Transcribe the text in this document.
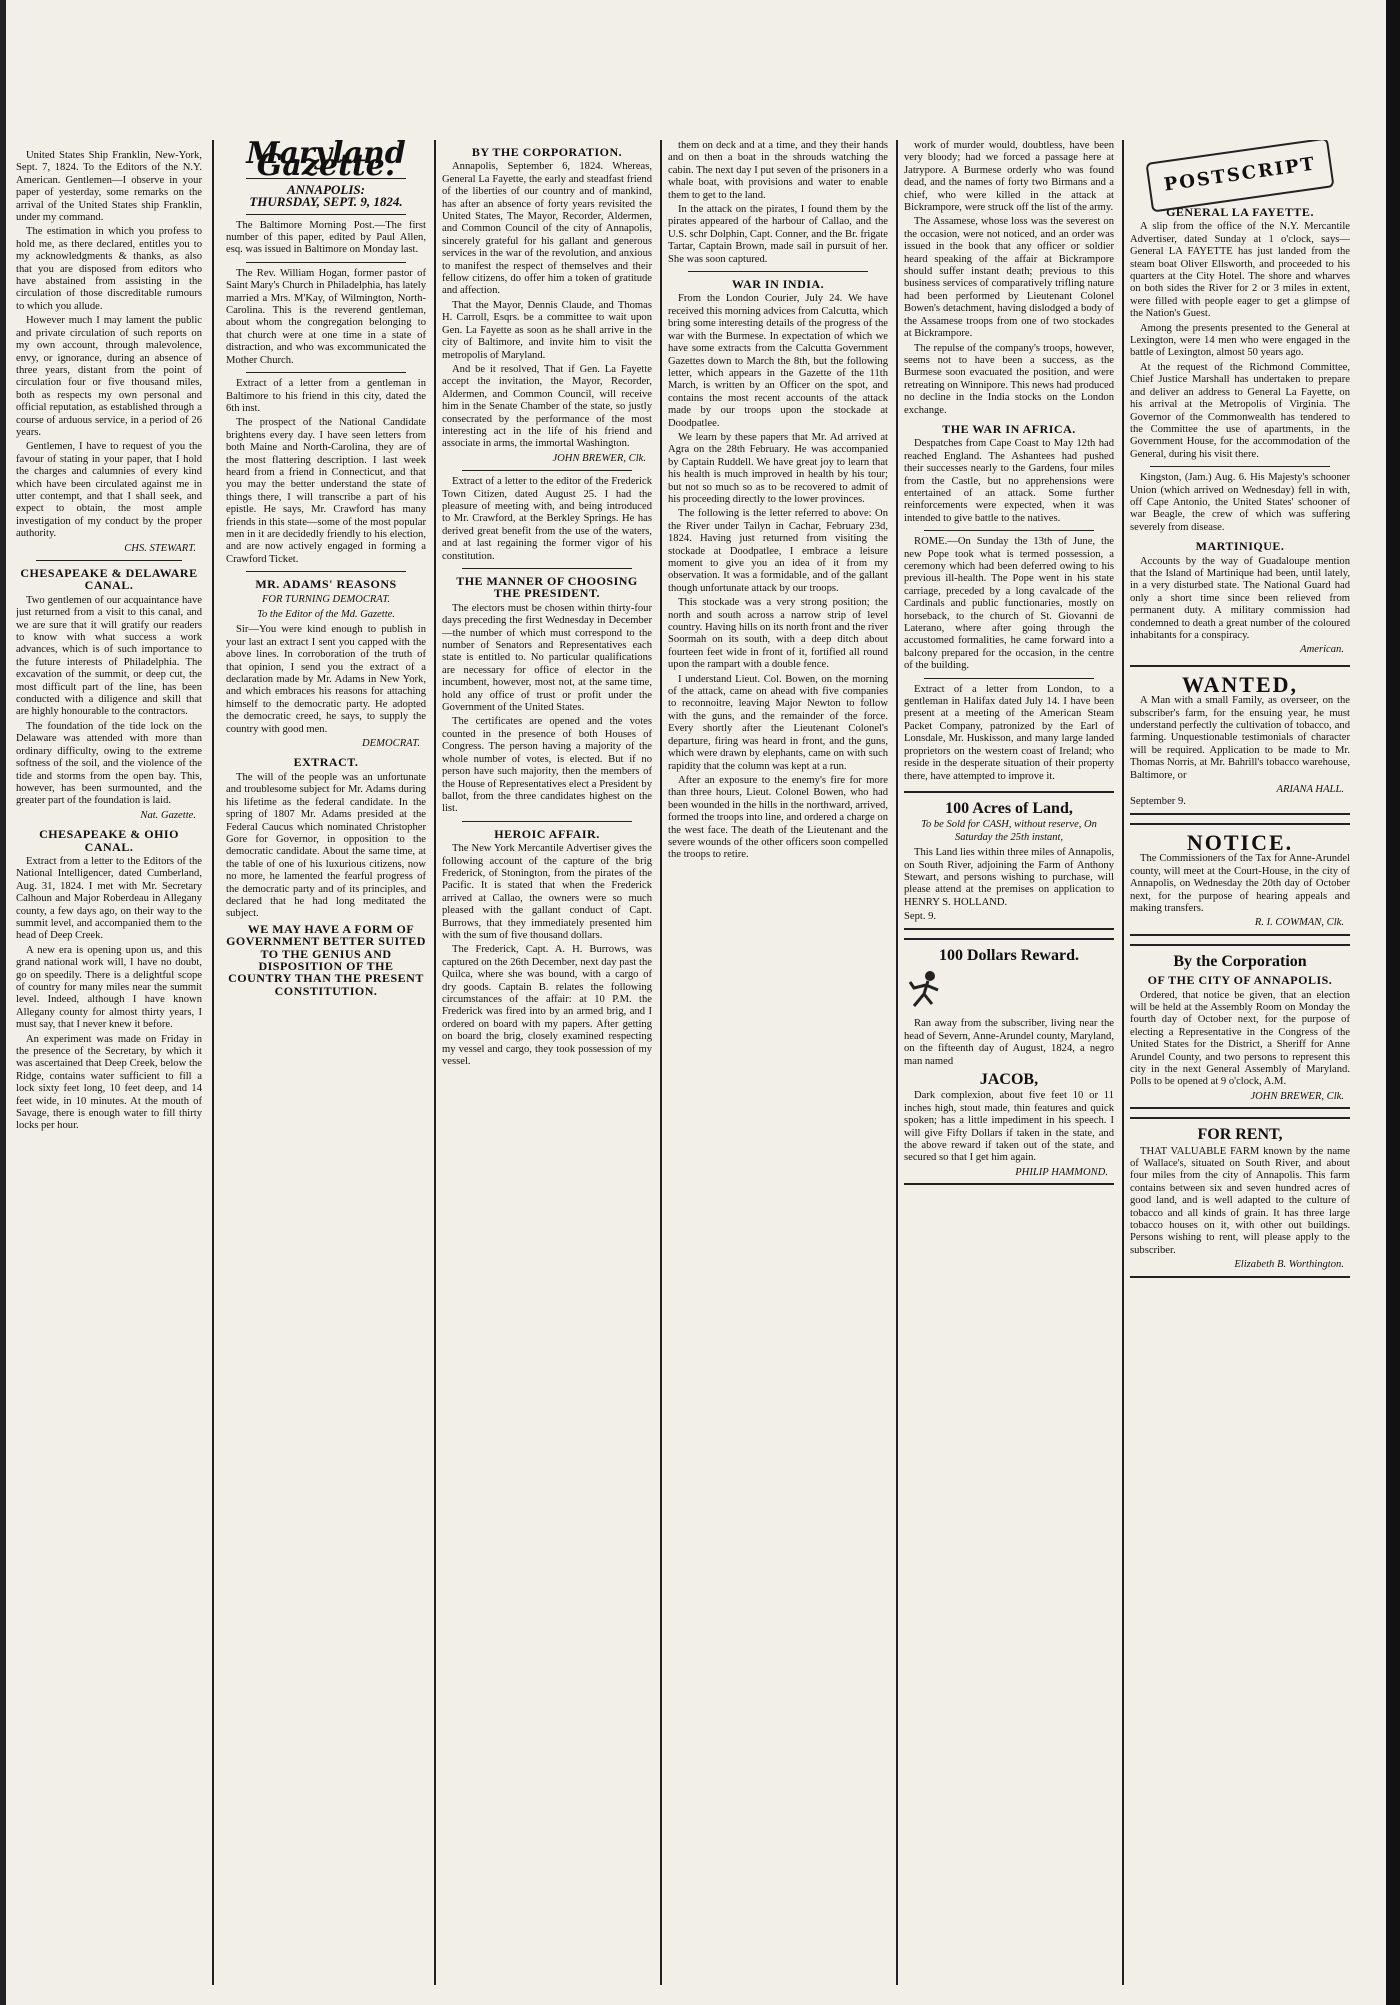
United States Ship Franklin, New-York, Sept. 7, 1824. To the Editors of the N.Y. American. Gentlemen—I observe in your paper of yesterday, some remarks on the arrival of the United States ship Franklin, under my command.

The estimation in which you profess to hold me, as there declared, entitles you to my acknowledgments & thanks, as also that you are disposed from editors who have abstained from assisting in the circulation of those discreditable rumours to which you allude.

However much I may lament the public and private circulation of such reports on my own account, through malevolence, envy, or ignorance, during an absence of three years, distant from the point of circulation four or five thousand miles, both as respects my own personal and official reputation, as established through a course of arduous service, in a period of 26 years.

Gentlemen, I have to request of you the favour of stating in your paper, that I hold the charges and calumnies of every kind which have been circulated against me in utter contempt, and that I shall seek, and expect to obtain, the most ample investigation of my conduct by the proper authority.

CHS. STEWART.
CHESAPEAKE & DELAWARE CANAL.

Two gentlemen of our acquaintance have just returned from a visit to this canal, and we are sure that it will gratify our readers to know with what success a work advances, which is of such importance to the future interests of Philadelphia. The excavation of the summit, or deep cut, the most difficult part of the line, has been conducted with a diligence and skill that are highly honourable to the contractors.

The foundation of the tide lock on the Delaware was attended with more than ordinary difficulty, owing to the extreme softness of the soil, and the violence of the tide and storms from the open bay. This, however, has been surmounted, and the greater part of the foundation is laid.

Nat. Gazette.
CHESAPEAKE & OHIO CANAL.

Extract from a letter to the Editors of the National Intelligencer, dated Cumberland, Aug. 31, 1824. I met with Mr. Secretary Calhoun and Major Roberdeau in Allegany county, a few days ago, on their way to the summit level, and accompanied them to the head of Deep Creek.

A new era is opening upon us, and this grand national work will, I have no doubt, go on speedily. There is a delightful scope of country for many miles near the summit level. Indeed, although I have known Allegany county for almost thirty years, I must say, that I never knew it before.

An experiment was made on Friday in the presence of the Secretary, by which it was ascertained that Deep Creek, below the Ridge, contains water sufficient to fill a lock sixty feet long, 10 feet deep, and 14 feet wide, in 10 minutes. At the mouth of Savage, there is enough water to fill thirty locks per hour.

Maryland Gazette.
ANNAPOLIS:
THURSDAY, SEPT. 9, 1824.

The Baltimore Morning Post.—The first number of this paper, edited by Paul Allen, esq. was issued in Baltimore on Monday last.

The Rev. William Hogan, former pastor of Saint Mary's Church in Philadelphia, has lately married a Mrs. M'Kay, of Wilmington, North-Carolina. This is the reverend gentleman, about whom the congregation belonging to that church were at one time in a state of distraction, and who was excommunicated the Mother Church.

Extract of a letter from a gentleman in Baltimore to his friend in this city, dated the 6th inst.

The prospect of the National Candidate brightens every day. I have seen letters from both Maine and North-Carolina, they are of the most flattering description. I last week heard from a friend in Connecticut, and that you may the better understand the state of things there, I will transcribe a part of his epistle. He says, Mr. Crawford has many friends in this state—some of the most popular men in it are decidedly friendly to his election, and are now actively engaged in forming a Crawford Ticket.

MR. ADAMS' REASONS
FOR TURNING DEMOCRAT.
To the Editor of the Md. Gazette.

Sir—You were kind enough to publish in your last an extract I sent you capped with the above lines. In corroboration of the truth of that opinion, I send you the extract of a declaration made by Mr. Adams in New York, and which embraces his reasons for attaching himself to the democratic party. He adopted the democratic creed, he says, to supply the country with good men.

DEMOCRAT.
EXTRACT.

The will of the people was an unfortunate and troublesome subject for Mr. Adams during his lifetime as the federal candidate. In the spring of 1807 Mr. Adams presided at the Federal Caucus which nominated Christopher Gore for Governor, in opposition to the democratic candidate. About the same time, at the table of one of his luxurious citizens, now no more, he lamented the fearful progress of the democratic party and of its principles, and declared that he had long meditated the subject.

WE MAY HAVE A FORM OF GOVERNMENT BETTER SUITED TO THE GENIUS AND DISPOSITION OF THE COUNTRY THAN THE PRESENT CONSTITUTION.

BY THE CORPORATION.

Annapolis, September 6, 1824. Whereas, General La Fayette, the early and steadfast friend of the liberties of our country and of mankind, has after an absence of forty years revisited the United States, The Mayor, Recorder, Aldermen, and Common Council of the city of Annapolis, sincerely grateful for his gallant and generous services in the war of the revolution, and anxious to manifest the respect of themselves and their fellow citizens, do offer him a token of gratitude and affection.

That the Mayor, Dennis Claude, and Thomas H. Carroll, Esqrs. be a committee to wait upon Gen. La Fayette as soon as he shall arrive in the city of Baltimore, and invite him to visit the metropolis of Maryland.

And be it resolved, That if Gen. La Fayette accept the invitation, the Mayor, Recorder, Aldermen, and Common Council, will receive him in the Senate Chamber of the state, so justly consecrated by the performance of the most interesting act in the life of his friend and associate in arms, the immortal Washington.

JOHN BREWER, Clk.

Extract of a letter to the editor of the Frederick Town Citizen, dated August 25. I had the pleasure of meeting with, and being introduced to Mr. Crawford, at the Berkley Springs. He has derived great benefit from the use of the waters, and at last regaining the former vigor of his constitution.

THE MANNER OF CHOOSING THE PRESIDENT.

The electors must be chosen within thirty-four days preceding the first Wednesday in December—the number of which must correspond to the number of Senators and Representatives each state is entitled to. No particular qualifications are necessary for office of elector in the incumbent, however, most not, at the same time, hold any office of trust or profit under the Government of the United States.

The certificates are opened and the votes counted in the presence of both Houses of Congress. The person having a majority of the whole number of votes, is elected. But if no person have such majority, then the members of the House of Representatives elect a President by ballot, from the three candidates highest on the list.

HEROIC AFFAIR.

The New York Mercantile Advertiser gives the following account of the capture of the brig Frederick, of Stonington, from the pirates of the Pacific. It is stated that when the Frederick arrived at Callao, the owners were so much pleased with the gallant conduct of Capt. Burrows, that they immediately presented him with the sum of five thousand dollars.

The Frederick, Capt. A. H. Burrows, was captured on the 26th December, next day past the Quilca, where she was bound, with a cargo of dry goods. Captain B. relates the following circumstances of the affair: at 10 P.M. the Frederick was fired into by an armed brig, and I ordered on board with my papers. After getting on board the brig, closely examined respecting my vessel and cargo, they took possession of my vessel.

them on deck and at a time, and they their hands and on then a boat in the shrouds watching the cabin. The next day I put seven of the prisoners in a whale boat, with provisions and water to enable them to get to the land.

In the attack on the pirates, I found them by the pirates appeared of the harbour of Callao, and the U.S. schr Dolphin, Capt. Conner, and the Br. frigate Tartar, Captain Brown, made sail in pursuit of her. She was soon captured.

WAR IN INDIA.

From the London Courier, July 24. We have received this morning advices from Calcutta, which bring some interesting details of the progress of the war with the Burmese. In expectation of which we have some extracts from the Calcutta Government Gazettes down to March the 8th, but the following letter, which appears in the Gazette of the 11th March, is written by an Officer on the spot, and contains the most recent accounts of the attack made by our troops upon the stockade at Doodpatlee.

We learn by these papers that Mr. Ad arrived at Agra on the 28th February. He was accompanied by Captain Ruddell. We have great joy to learn that his health is much improved in health by his tour; but not so much so as to be recovered to admit of his proceeding directly to the lower provinces.

The following is the letter referred to above: On the River under Tailyn in Cachar, February 23d, 1824. Having just returned from visiting the stockade at Doodpatlee, I embrace a leisure moment to give you an idea of it from my observation. It was a formidable, and of the gallant though unfortunate attack by our troops.

This stockade was a very strong position; the north and south across a narrow strip of level country. Having hills on its north front and the river Soormah on its south, with a deep ditch about fourteen feet wide in front of it, fortified all round upon the rampart with a double fence.

I understand Lieut. Col. Bowen, on the morning of the attack, came on ahead with five companies to reconnoitre, leaving Major Newton to follow with the guns, and the remainder of the force. Every shortly after the Lieutenant Colonel's departure, firing was heard in front, and the guns, which were drawn by elephants, came on with such rapidity that the column was kept at a run.

After an exposure to the enemy's fire for more than three hours, Lieut. Colonel Bowen, who had been wounded in the hills in the northward, arrived, formed the troops into line, and ordered a charge on the west face. The death of the Lieutenant and the severe wounds of the other officers soon compelled the troops to retire.

work of murder would, doubtless, have been very bloody; had we forced a passage here at Jatrypore. A Burmese orderly who was found dead, and the names of forty two Birmans and a chief, who were killed in the attack at Bickrampore, were struck off the list of the army.

The Assamese, whose loss was the severest on the occasion, were not noticed, and an order was issued in the book that any officer or soldier heard speaking of the affair at Bickrampore should suffer instant death; previous to this business services of comparatively trifling nature had been performed by Lieutenant Colonel Bowen's detachment, having dislodged a body of the Assamese troops from one of two stockades at Bickrampore.

The repulse of the company's troops, however, seems not to have been a success, as the Burmese soon evacuated the position, and were retreating on Winnipore. This news had produced no decline in the India stocks on the London exchange.

THE WAR IN AFRICA.

Despatches from Cape Coast to May 12th had reached England. The Ashantees had pushed their successes nearly to the Gardens, four miles from the Castle, but no apprehensions were entertained of an attack. Some further reinforcements were expected, when it was intended to give battle to the natives.

ROME.—On Sunday the 13th of June, the new Pope took what is termed possession, a ceremony which had been deferred owing to his previous ill-health. The Pope went in his state carriage, preceded by a long cavalcade of the Cardinals and public functionaries, mostly on horseback, to the church of St. Giovanni de Laterano, where after going through the accustomed formalities, he came forward into a balcony prepared for the occasion, in the centre of the building.

Extract of a letter from London, to a gentleman in Halifax dated July 14. I have been present at a meeting of the American Steam Packet Company, patronized by the Earl of Lonsdale, Mr. Huskisson, and many large landed proprietors on the western coast of Ireland; who reside in the desperate situation of their property there, have attempted to improve it.

100 Acres of Land,
To be Sold for CASH, without reserve, On Saturday the 25th instant,

This Land lies within three miles of Annapolis, on South River, adjoining the Farm of Anthony Stewart, and persons wishing to purchase, will please attend at the premises on application to HENRY S. HOLLAND.

Sept. 9.
100 Dollars Reward.

Ran away from the subscriber, living near the head of Severn, Anne-Arundel county, Maryland, on the fifteenth day of August, 1824, a negro man named

JACOB,

Dark complexion, about five feet 10 or 11 inches high, stout made, thin features and quick spoken; has a little impediment in his speech. I will give Fifty Dollars if taken in the state, and the above reward if taken out of the state, and secured so that I get him again.

PHILIP HAMMOND.
POSTSCRIPT
GENERAL LA FAYETTE.

A slip from the office of the N.Y. Mercantile Advertiser, dated Sunday at 1 o'clock, says—General LA FAYETTE has just landed from the steam boat Oliver Ellsworth, and proceeded to his quarters at the City Hotel. The shore and wharves on both sides the River for 2 or 3 miles in extent, were filled with people eager to get a glimpse of the Nation's Guest.

Among the presents presented to the General at Lexington, were 14 men who were engaged in the battle of Lexington, almost 50 years ago.

At the request of the Richmond Committee, Chief Justice Marshall has undertaken to prepare and deliver an address to General La Fayette, on his arrival at the Metropolis of Virginia. The Governor of the Commonwealth has tendered to the Committee the use of apartments, in the Government House, for the accommodation of the General, during his visit there.

Kingston, (Jam.) Aug. 6. His Majesty's schooner Union (which arrived on Wednesday) fell in with, off Cape Antonio, the United States' schooner of war Beagle, the crew of which was suffering severely from disease.

MARTINIQUE.

Accounts by the way of Guadaloupe mention that the Island of Martinique had been, until lately, in a very disturbed state. The National Guard had only a short time since been relieved from permanent duty. A military commission had condemned to death a great number of the coloured inhabitants for a conspiracy.

American.
WANTED,

A Man with a small Family, as overseer, on the subscriber's farm, for the ensuing year, he must understand perfectly the cultivation of tobacco, and farming. Unquestionable testimonials of character will be required. Application to be made to Mr. Thomas Norris, at Mr. Bahrill's tobacco warehouse, Baltimore, or

ARIANA HALL.
September 9.
NOTICE.

The Commissioners of the Tax for Anne-Arundel county, will meet at the Court-House, in the city of Annapolis, on Wednesday the 20th day of October next, for the purpose of hearing appeals and making transfers.

R. I. COWMAN, Clk.
By the Corporation
OF THE CITY OF ANNAPOLIS.

Ordered, that notice be given, that an election will be held at the Assembly Room on Monday the fourth day of October next, for the purpose of electing a Representative in the Congress of the United States for the District, a Sheriff for Anne Arundel County, and two persons to represent this city in the next General Assembly of Maryland. Polls to be opened at 9 o'clock, A.M.

JOHN BREWER, Clk.
FOR RENT,

THAT VALUABLE FARM known by the name of Wallace's, situated on South River, and about four miles from the city of Annapolis. This farm contains between six and seven hundred acres of good land, and is well adapted to the culture of tobacco and all kinds of grain. It has three large tobacco houses on it, with other out buildings. Persons wishing to rent, will please apply to the subscriber.

Elizabeth B. Worthington.
